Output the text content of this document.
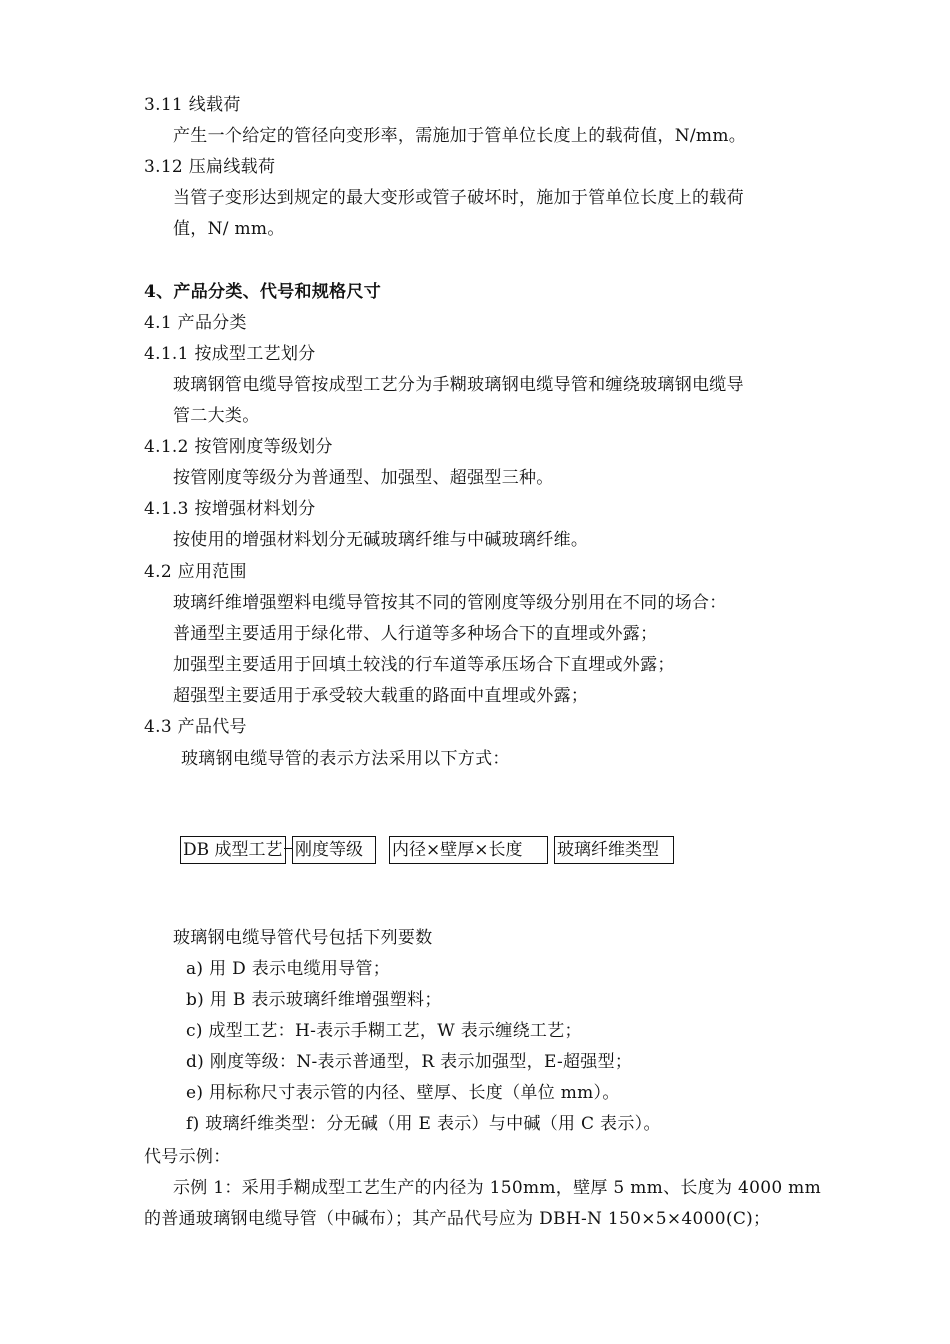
3.11 线载荷
产生一个给定的管径向变形率，需施加于管单位长度上的载荷值，N/mm。
3.12 压扁线载荷
当管子变形达到规定的最大变形或管子破坏时，施加于管单位长度上的载荷
值，N/ mm。
4、产品分类、代号和规格尺寸
4.1 产品分类
4.1.1 按成型工艺划分
玻璃钢管电缆导管按成型工艺分为手糊玻璃钢电缆导管和缠绕玻璃钢电缆导
管二大类。
4.1.2 按管刚度等级划分
按管刚度等级分为普通型、加强型、超强型三种。
4.1.3 按增强材料划分
按使用的增强材料划分无碱玻璃纤维与中碱玻璃纤维。
4.2 应用范围
玻璃纤维增强塑料电缆导管按其不同的管刚度等级分别用在不同的场合：
普通型主要适用于绿化带、人行道等多种场合下的直埋或外露；
加强型主要适用于回填土较浅的行车道等承压场合下直埋或外露；
超强型主要适用于承受较大载重的路面中直埋或外露；
4.3 产品代号
玻璃钢电缆导管的表示方法采用以下方式：
DB 成型工艺 刚度等级	内径×壁厚×长度	玻璃纤维类型
玻璃钢电缆导管代号包括下列要数
a) 用 D 表示电缆用导管；
b) 用 B 表示玻璃纤维增强塑料；
c) 成型工艺：H-表示手糊工艺，W 表示缠绕工艺；
d) 刚度等级：N-表示普通型，R 表示加强型，E-超强型；
e) 用标称尺寸表示管的内径、壁厚、长度（单位 mm）。
f) 玻璃纤维类型：分无碱（用 E 表示）与中碱（用 C 表示）。
代号示例：
示例 1：采用手糊成型工艺生产的内径为 150mm，壁厚 5 mm、长度为 4000 mm
的普通玻璃钢电缆导管（中碱布）；其产品代号应为 DBH-N 150×5×4000(C)；
